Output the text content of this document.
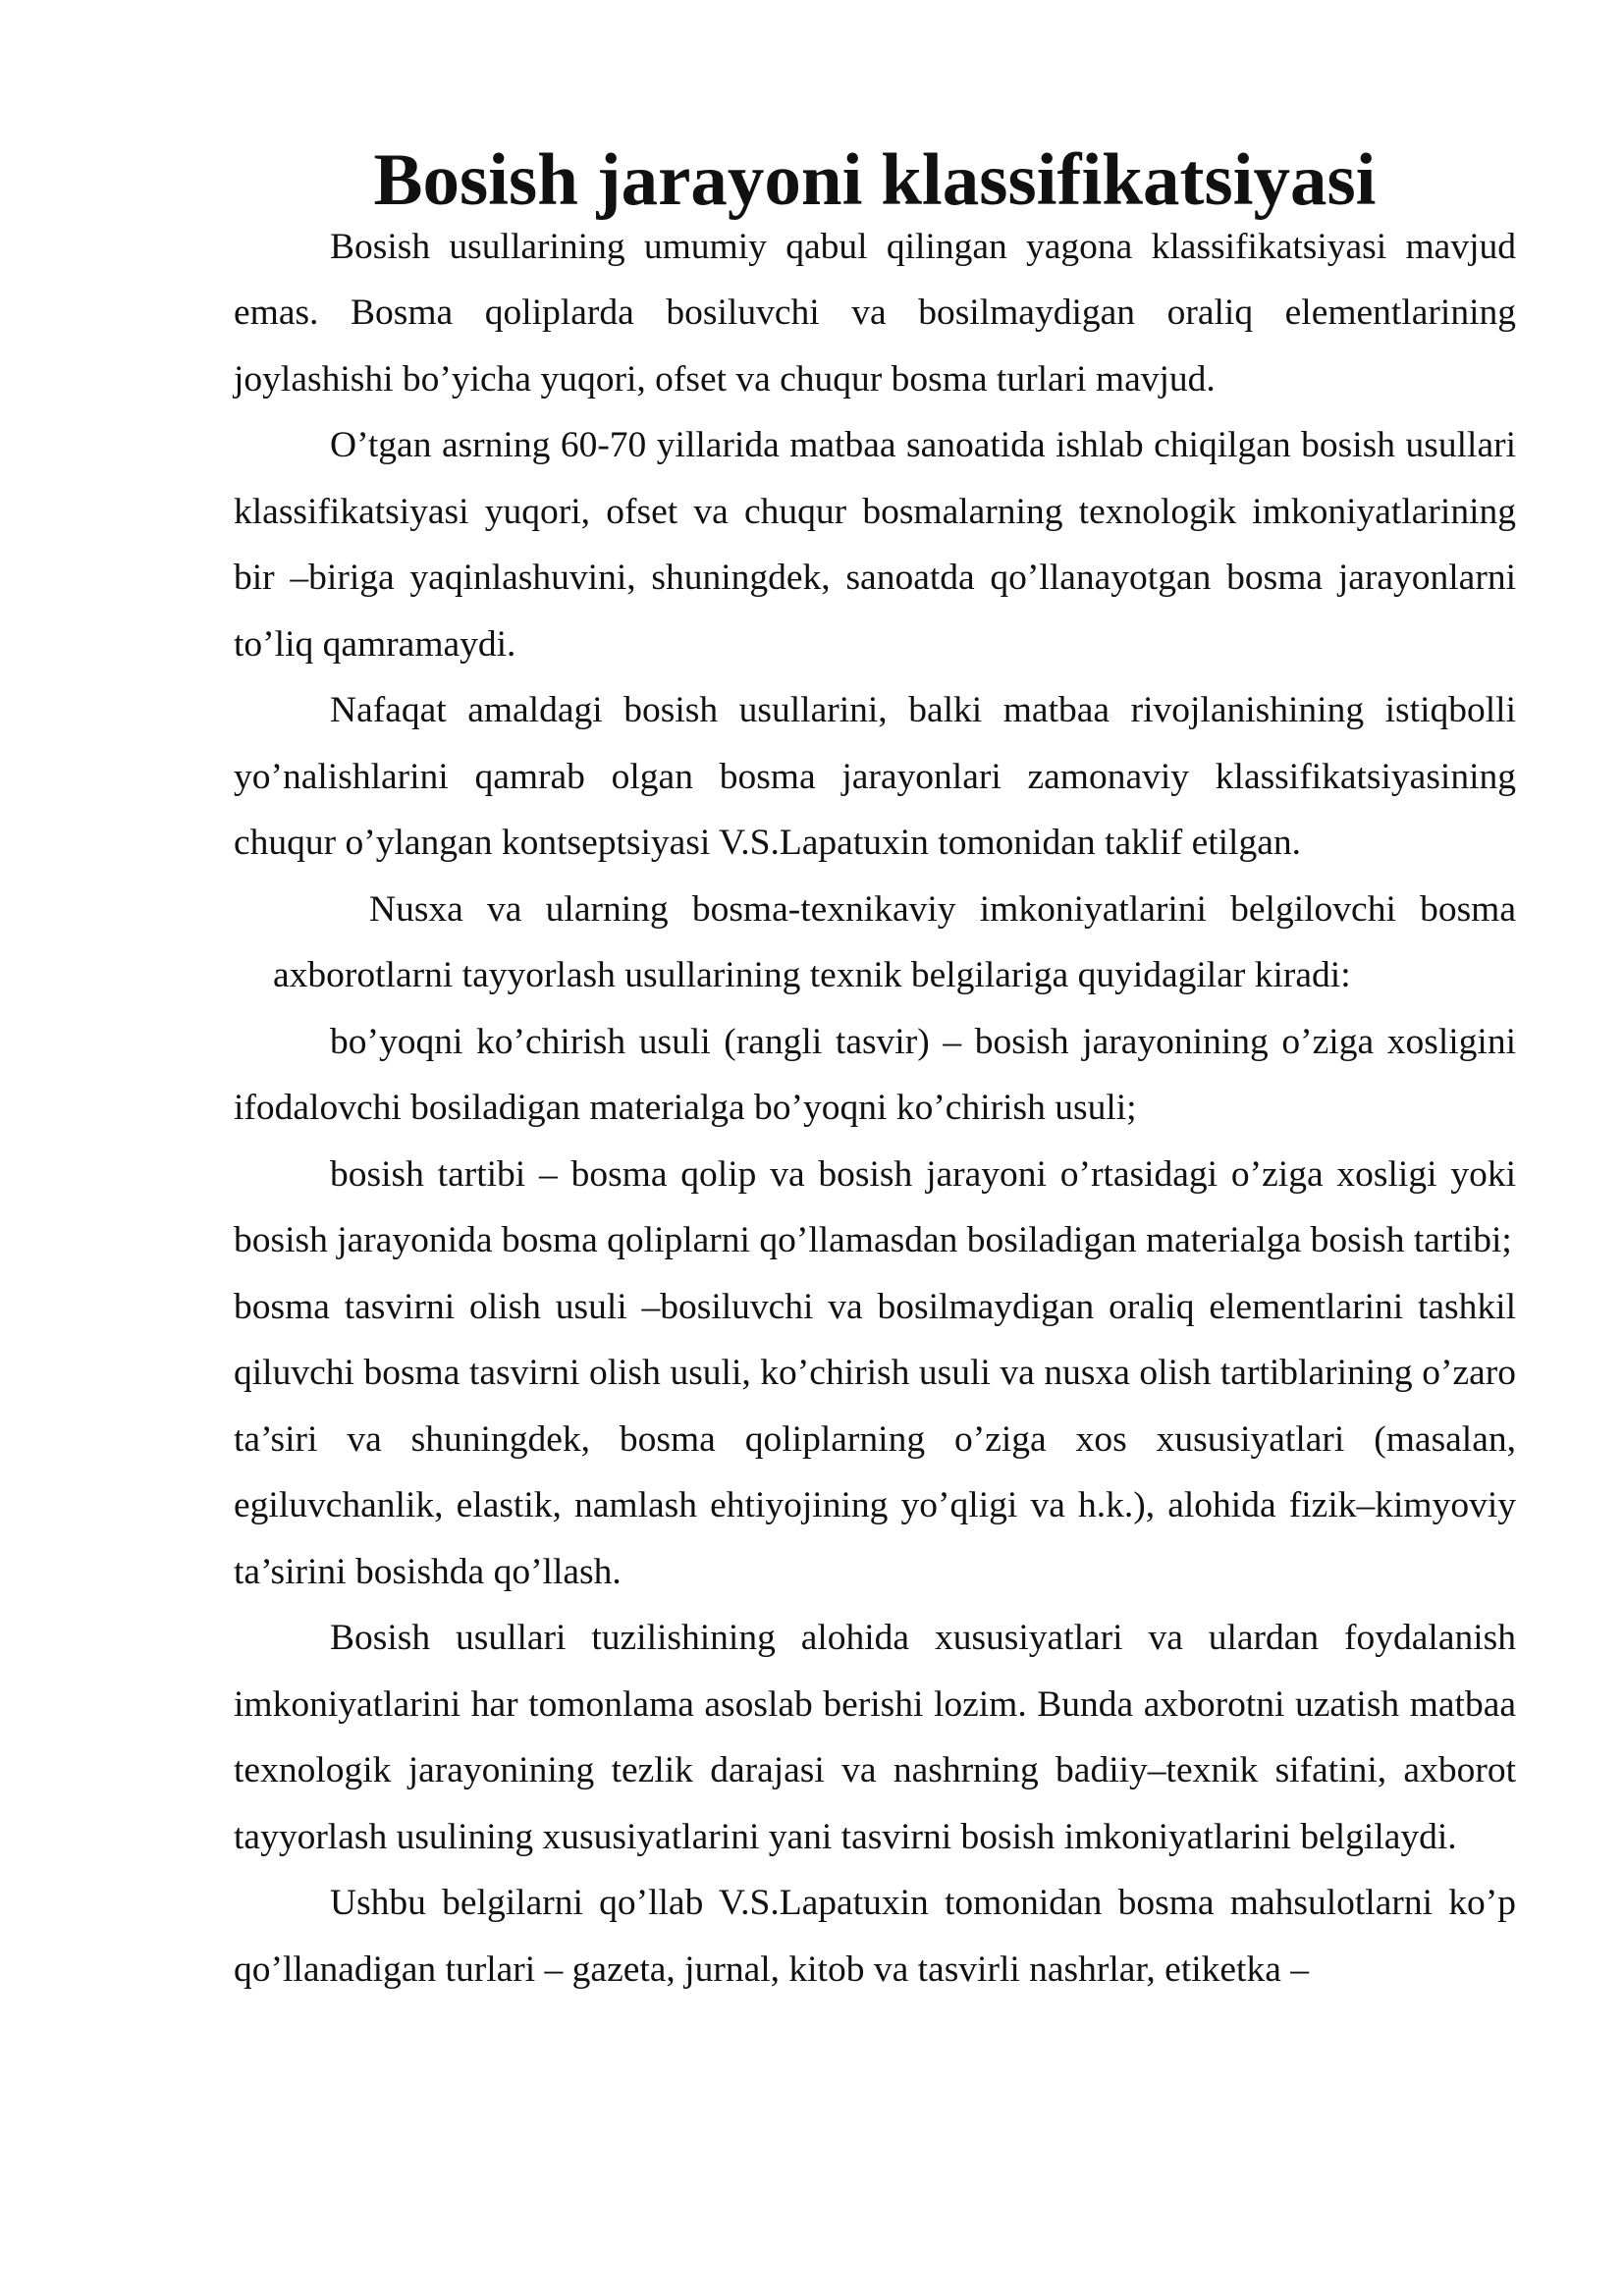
Bosish jarayoni klassifikatsiyasi

Bosish usullarining umumiy qabul qilingan yagona klassifikatsiyasi mavjud emas. Bosma qoliplarda bosiluvchi va bosilmaydigan oraliq elementlarining joylashishi bo’yicha yuqori, ofset va chuqur bosma turlari mavjud.

O’tgan asrning 60-70 yillarida matbaa sanoatida ishlab chiqilgan bosish usullari klassifikatsiyasi yuqori, ofset va chuqur bosmalarning texnologik imkoniyatlarining bir –biriga yaqinlashuvini, shuningdek, sanoatda qo’llanayotgan bosma jarayonlarni to’liq qamramaydi.

Nafaqat amaldagi bosish usullarini, balki matbaa rivojlanishining istiqbolli yo’nalishlarini qamrab olgan bosma jarayonlari zamonaviy klassifikatsiyasining chuqur o’ylangan kontseptsiyasi V.S.Lapatuxin tomonidan taklif etilgan.

Nusxa va ularning bosma-texnikaviy imkoniyatlarini belgilovchi bosma axborotlarni tayyorlash usullarining texnik belgilariga quyidagilar kiradi:

bo’yoqni ko’chirish usuli (rangli tasvir) – bosish jarayonining o’ziga xosligini ifodalovchi bosiladigan materialga bo’yoqni ko’chirish usuli;

bosish tartibi – bosma qolip va bosish jarayoni o’rtasidagi o’ziga xosligi yoki bosish jarayonida bosma qoliplarni qo’llamasdan bosiladigan materialga bosish tartibi;

bosma tasvirni olish usuli –bosiluvchi va bosilmaydigan oraliq elementlarini tashkil qiluvchi bosma tasvirni olish usuli, ko’chirish usuli va nusxa olish tartiblarining o’zaro ta’siri va shuningdek, bosma qoliplarning o’ziga xos xususiyatlari (masalan, egiluvchanlik, elastik, namlash ehtiyojining yo’qligi va h.k.), alohida fizik–kimyoviy ta’sirini bosishda qo’llash.

Bosish usullari tuzilishining alohida xususiyatlari va ulardan foydalanish imkoniyatlarini har tomonlama asoslab berishi lozim. Bunda axborotni uzatish matbaa texnologik jarayonining tezlik darajasi va nashrning badiiy–texnik sifatini, axborot tayyorlash usulining xususiyatlarini yani tasvirni bosish imkoniyatlarini belgilaydi.

Ushbu belgilarni qo’llab V.S.Lapatuxin tomonidan bosma mahsulotlarni ko’p qo’llanadigan turlari – gazeta, jurnal, kitob va tasvirli nashrlar, etiketka –
